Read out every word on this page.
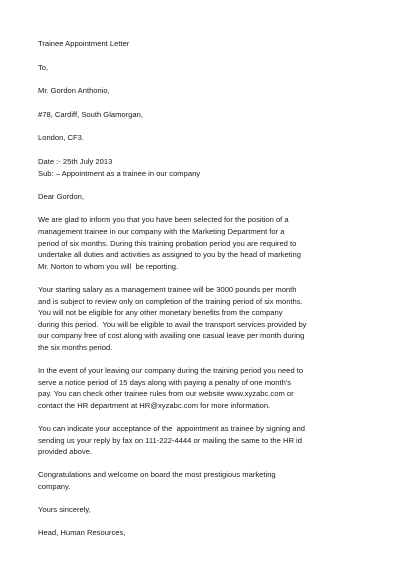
Trainee Appointment Letter
To,
Mr. Gordon Anthonio,
#78, Cardiff, South Glamorgan,
London, CF3.
Date :- 25th July 2013
Sub: – Appointment as a trainee in our company
Dear Gordon,
We are glad to inform you that you have been selected for the position of a
management trainee in our company with the Marketing Department for a
period of six months. During this training probation period you are required to
undertake all duties and activities as assigned to you by the head of marketing
Mr. Norton to whom you will  be reporting.
Your starting salary as a management trainee will be 3000 pounds per month
and is subject to review only on completion of the training period of six months.
You will not be eligible for any other monetary benefits from the company
during this period.  You will be eligible to avail the transport services provided by
our company free of cost along with availing one casual leave per month during
the six months period.
In the event of your leaving our company during the training period you need to
serve a notice period of 15 days along with paying a penalty of one month's
pay. You can check other trainee rules from our website www.xyzabc.com or
contact the HR department at HR@xyzabc.com for more information.
You can indicate your acceptance of the  appointment as trainee by signing and
sending us your reply by fax on 111-222-4444 or mailing the same to the HR id
provided above.
Congratulations and welcome on board the most prestigious marketing
company.
Yours sincerely,
Head, Human Resources,
